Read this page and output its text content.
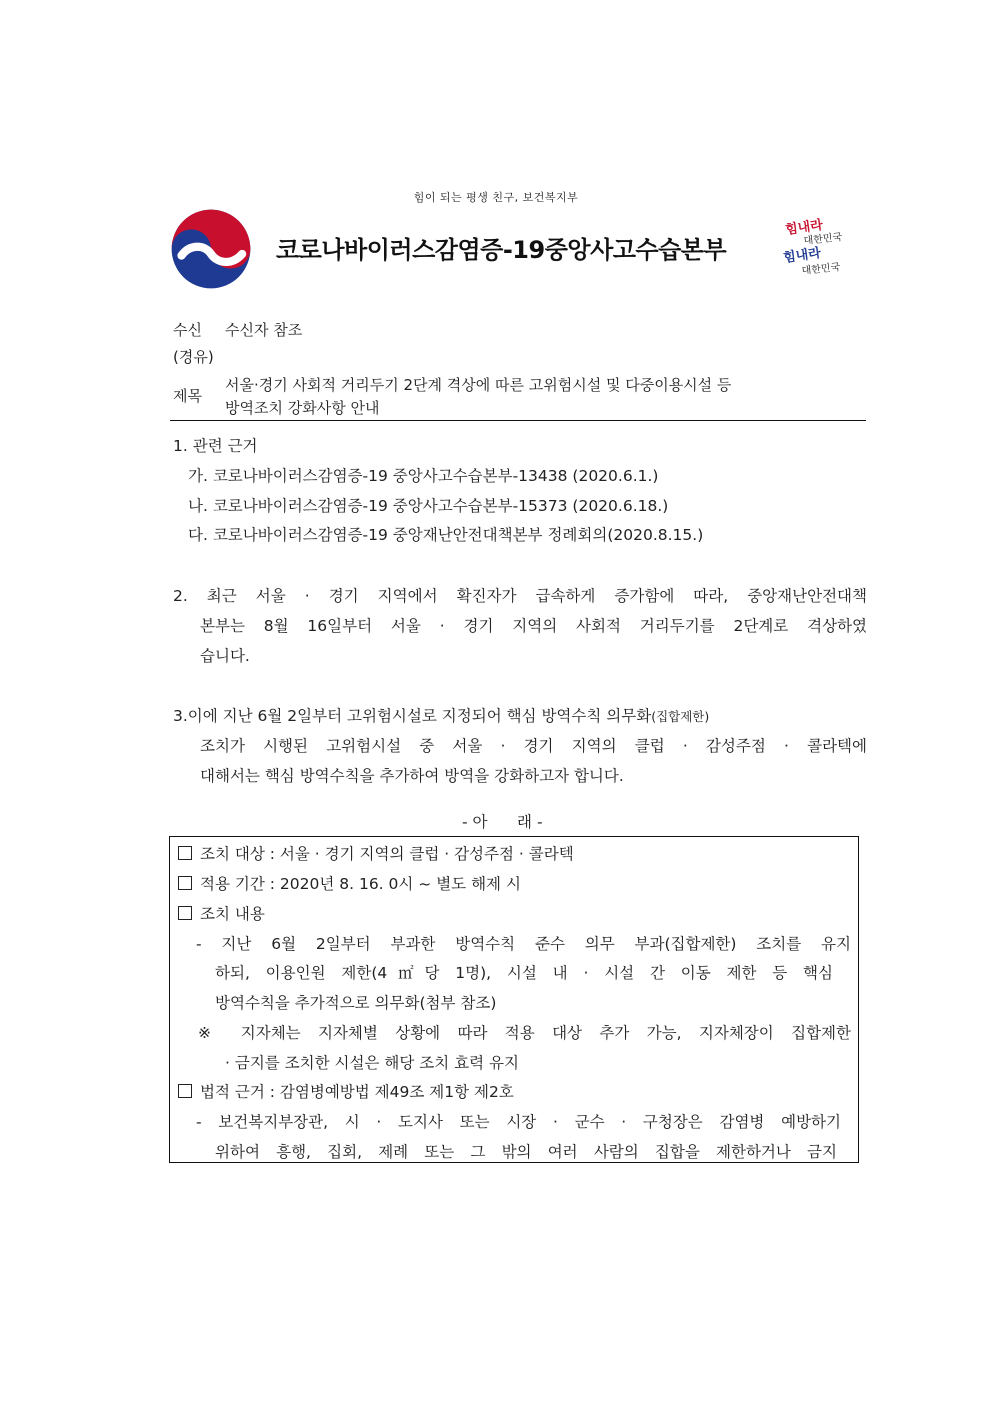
힘이 되는 평생 친구, 보건복지부
코로나바이러스감염증-19중앙사고수습본부
힘내라
대한민국
힘내라
대한민국
수신 수신자 참조
(경유)
제목
서울·경기 사회적 거리두기 2단계 격상에 따른 고위험시설 및 다중이용시설 등
방역조치 강화사항 안내
1. 관련 근거
가. 코로나바이러스감염증-19 중앙사고수습본부-13438 (2020.6.1.)
나. 코로나바이러스감염증-19 중앙사고수습본부-15373 (2020.6.18.)
다. 코로나바이러스감염증-19 중앙재난안전대책본부 정례회의(2020.8.15.)
2. 최근 서울 · 경기 지역에서 확진자가 급속하게 증가함에 따라, 중앙재난안전대책
본부는 8월 16일부터 서울 · 경기 지역의 사회적 거리두기를 2단계로 격상하였
습니다.
3.이에 지난 6월 2일부터 고위험시설로 지정되어 핵심 방역수칙 의무화(집합제한)
조치가 시행된 고위험시설 중 서울 · 경기 지역의 클럽 · 감성주점 · 콜라텍에
대해서는 핵심 방역수칙을 추가하여 방역을 강화하고자 합니다.
- 아      래 -
조치 대상 : 서울 · 경기 지역의 클럽 · 감성주점 · 콜라텍
적용 기간 : 2020년 8. 16. 0시 ~ 별도 해제 시
조치 내용
- 지난 6월 2일부터 부과한 방역수칙 준수 의무 부과(집합제한) 조치를 유지
하되, 이용인원 제한(4㎡당 1명), 시설 내 · 시설 간 이동 제한 등 핵심
방역수칙을 추가적으로 의무화(첨부 참조)
※ 지자체는 지자체별 상황에 따라 적용 대상 추가 가능, 지자체장이 집합제한
· 금지를 조치한 시설은 해당 조치 효력 유지
법적 근거 : 감염병예방법 제49조 제1항 제2호
- 보건복지부장관, 시 · 도지사 또는 시장 · 군수 · 구청장은 감염병 예방하기
위하여 흥행, 집회, 제례 또는 그 밖의 여러 사람의 집합을 제한하거나 금지
